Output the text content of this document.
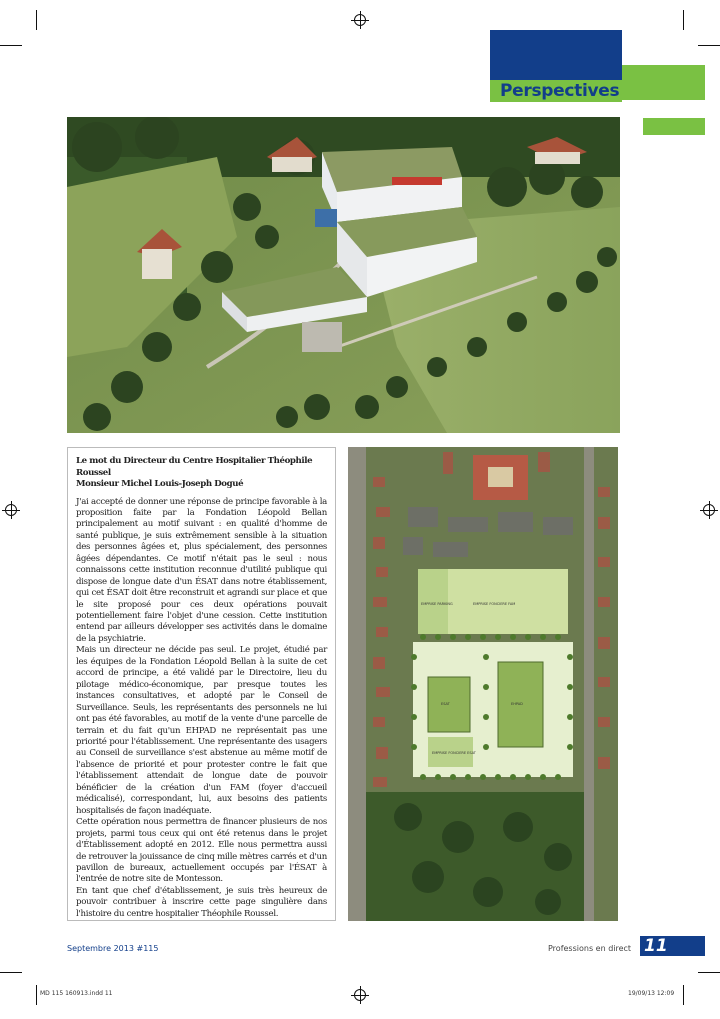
Perspectives

Le mot du Directeur du Centre Hospitalier Théophile Roussel
Monsieur Michel Louis-Joseph Dogué

J'ai accepté de donner une réponse de principe favorable à la proposition faite par la Fondation Léopold Bellan principalement au motif suivant : en qualité d'homme de santé publique, je suis extrêmement sensible à la situation des personnes âgées et, plus spécialement, des personnes âgées dépendantes. Ce motif n'était pas le seul : nous connaissons cette institution reconnue d'utilité publique qui dispose de longue date d'un ÉSAT dans notre établissement, qui cet ÉSAT doit être reconstruit et agrandi sur place et que le site proposé pour ces deux opérations pouvait potentiellement faire l'objet d'une cession. Cette institution entend par ailleurs développer ses activités dans le domaine de la psychiatrie.

Mais un directeur ne décide pas seul. Le projet, étudié par les équipes de la Fondation Léopold Bellan à la suite de cet accord de principe, a été validé par le Directoire, lieu du pilotage médico-économique, par presque toutes les instances consultatives, et adopté par le Conseil de Surveillance. Seuls, les représentants des personnels ne lui ont pas été favorables, au motif de la vente d'une parcelle de terrain et du fait qu'un EHPAD ne représentait pas une priorité pour l'établissement. Une représentante des usagers au Conseil de surveillance s'est abstenue au même motif de l'absence de priorité et pour protester contre le fait que l'établissement attendait de longue date de pouvoir bénéficier de la création d'un FAM (foyer d'accueil médicalisé), correspondant, lui, aux besoins des patients hospitalisés de façon inadéquate.

Cette opération nous permettra de financer plusieurs de nos projets, parmi tous ceux qui ont été retenus dans le projet d'Établissement adopté en 2012. Elle nous permettra aussi de retrouver la jouissance de cinq mille mètres carrés et d'un pavillon de bureaux, actuellement occupés par l'ÉSAT à l'entrée de notre site de Montesson.

En tant que chef d'établissement, je suis très heureux de pouvoir contribuer à inscrire cette page singulière dans l'histoire du centre hospitalier Théophile Roussel.

EMPRISE FONCIERE FAM
EMPRISE PARKING
ESAT	EHPAD
EMPRISE FONCIERE ESAT
Septembre 2013 #115	Professions en direct 11
MD 115 160913.indd 11	19/09/13 12:09
